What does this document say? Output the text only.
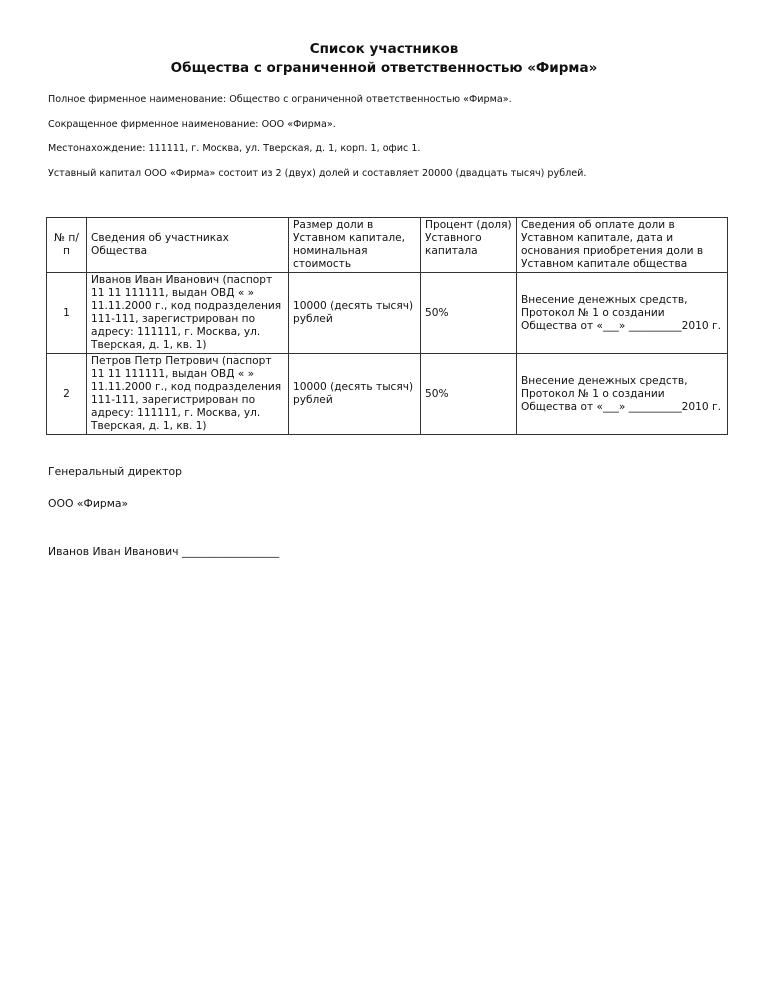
Список участников
Общества с ограниченной ответственностью «Фирма»
Полное фирменное наименование: Общество с ограниченной ответственностью «Фирма».
Сокращенное фирменное наименование: ООО «Фирма».
Местонахождение: 111111, г. Москва, ул. Тверская, д. 1, корп. 1, офис 1.
Уставный капитал ООО «Фирма» состоит из 2 (двух) долей и составляет 20000 (двадцать тысяч) рублей.
№ п/п	Сведения об участниках Общества	Размер доли в Уставном капитале, номинальная стоимость	Процент (доля) Уставного капитала	Сведения об оплате доли в Уставном капитале, дата и основания приобретения доли в Уставном капитале общества
1	Иванов Иван Иванович (паспорт 11 11 111111, выдан ОВД « » 11.11.2000 г., код подразделения 111-111, зарегистрирован по адресу: 111111, г. Москва, ул. Тверская, д. 1, кв. 1)	10000 (десять тысяч) рублей	50%	Внесение денежных средств, Протокол № 1 о создании Общества от «___» __________2010 г.
2	Петров Петр Петрович (паспорт 11 11 111111, выдан ОВД « » 11.11.2000 г., код подразделения 111-111, зарегистрирован по адресу: 111111, г. Москва, ул. Тверская, д. 1, кв. 1)	10000 (десять тысяч) рублей	50%	Внесение денежных средств, Протокол № 1 о создании Общества от «___» __________2010 г.
Генеральный директор
ООО «Фирма»
Иванов Иван Иванович __________________
